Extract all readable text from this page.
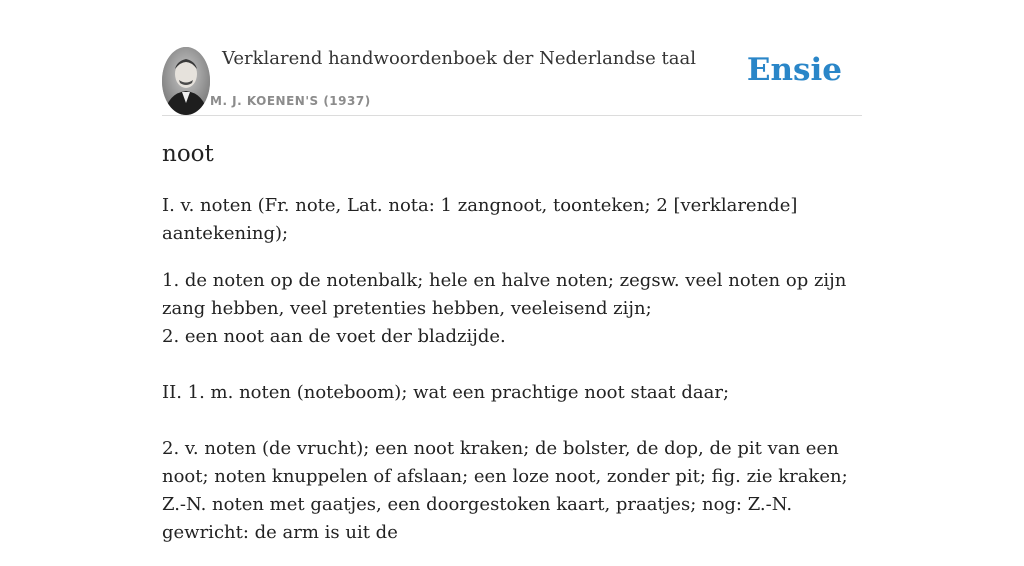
Verklarend handwoordenboek der Nederlandse taal
M. J. KOENEN'S (1937)
Ensie
noot

I. v. noten (Fr. note, Lat. nota: 1 zangnoot, toonteken; 2 [verklarende] aantekening);

1. de noten op de notenbalk; hele en halve noten; zegsw. veel noten op zijn zang hebben, veel pretenties hebben, veeleisend zijn;
2. een noot aan de voet der bladzijde.
II. 1. m. noten (noteboom); wat een prachtige noot staat daar;
2. v. noten (de vrucht); een noot kraken; de bolster, de dop, de pit van een noot; noten knuppelen of afslaan; een loze noot, zonder pit; fig. zie kraken; Z.-N. noten met gaatjes, een doorgestoken kaart, praatjes; nog: Z.-N. gewricht: de arm is uit de
